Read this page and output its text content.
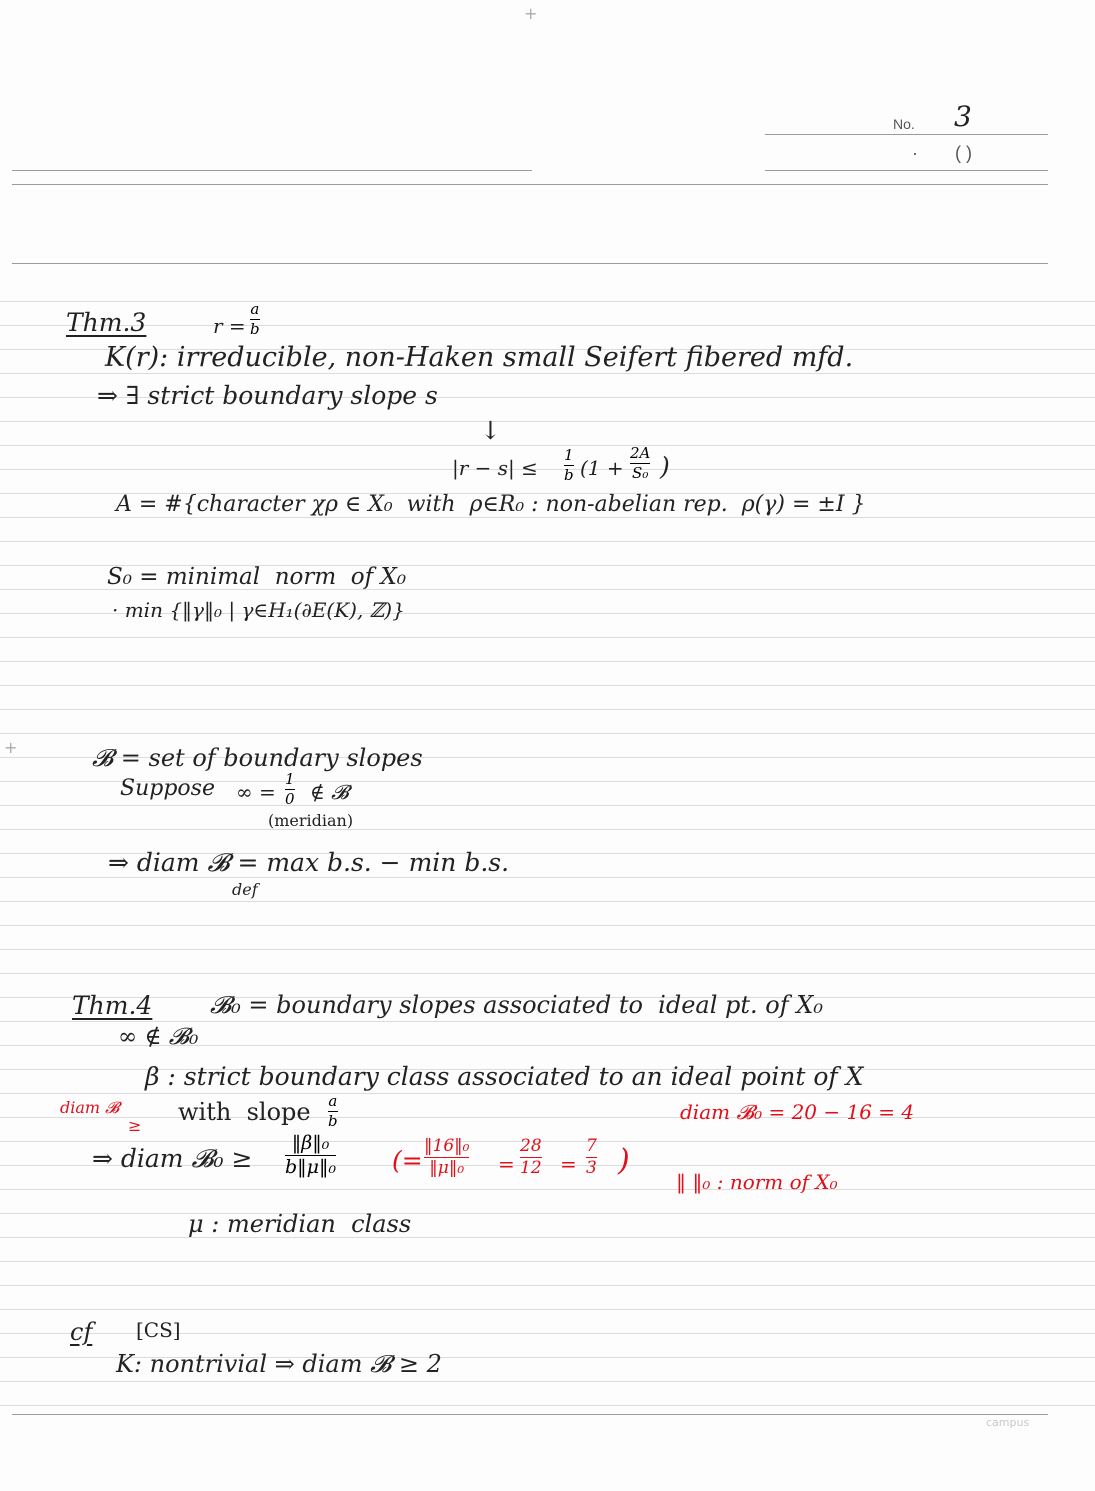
+
+
No. 3
· ( )
Thm.3	r =
a
b
K(r): irreducible, non-Haken small Seifert fibered mfd.
⇒ ∃ strict boundary slope s
↓
|r − s| ≤
1
b (1 +
2A
S₀ )
A = #{character χρ ∈ X₀  with  ρ∈R₀ : non-abelian rep.  ρ(γ) = ±I }
S₀ = minimal  norm  of X₀
· min {‖γ‖₀ | γ∈H₁(∂E(K), ℤ)}
𝓑 = set of boundary slopes
Suppose ∞ =
1
0 ∉ 𝓑
(meridian)
⇒ diam 𝓑 = max b.s. − min b.s.
def
Thm.4 𝓑₀ = boundary slopes associated to  ideal pt. of X₀
∞ ∉ 𝓑₀
β : strict boundary class associated to an ideal point of X
diam 𝓑
≥ with  slope a
b	diam 𝓑₀ = 20 − 16 = 4
⇒ diam 𝓑₀ ≥
‖β‖₀
b‖μ‖₀ (= ‖16‖₀
‖μ‖₀ =
28
12 =
7
3 )
‖ ‖₀ : norm of X₀
μ : meridian  class
cf [CS]
K: nontrivial ⇒ diam 𝓑 ≥ 2
campus
